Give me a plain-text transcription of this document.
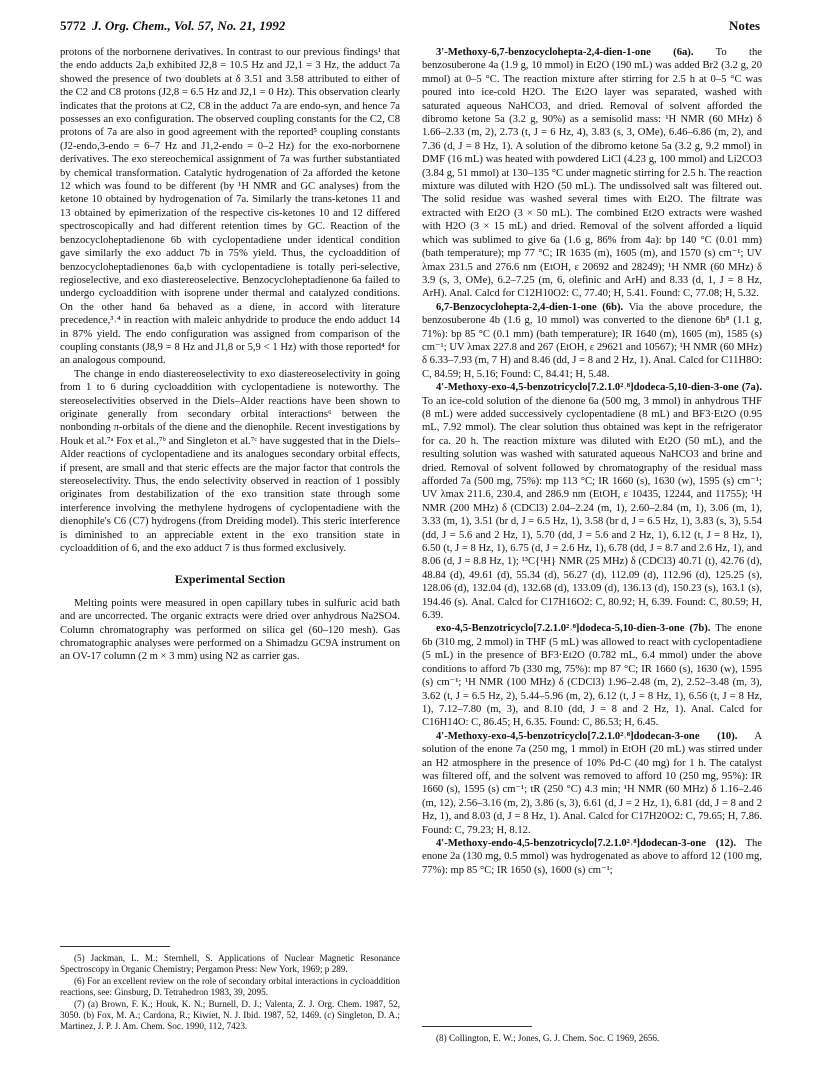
5772 J. Org. Chem., Vol. 57, No. 21, 1992	Notes

protons of the norbornene derivatives. In contrast to our previous findings¹ that the endo adducts 2a,b exhibited J2,8 = 10.5 Hz and J2,1 = 3 Hz, the adduct 7a showed the presence of two doublets at δ 3.51 and 3.58 attributed to either of the C2 and C8 protons (J2,8 = 6.5 Hz and J2,1 = 0 Hz). This observation clearly indicates that the protons at C2, C8 in the adduct 7a are endo-syn, and hence 7a possesses an exo configuration. The observed coupling constants for the C2, C8 protons of 7a are also in good agreement with the reported⁵ coupling constants (J2-endo,3-endo = 6–7 Hz and J1,2-endo = 0–2 Hz) for the exo-norbornene derivatives. The exo stereochemical assignment of 7a was further substantiated by chemical transformation. Catalytic hydrogenation of 2a afforded the ketone 12 which was found to be different (by ¹H NMR and GC analyses) from the ketone 10 obtained by hydrogenation of 7a. Similarly the trans-ketones 11 and 13 obtained by epimerization of the respective cis-ketones 10 and 12 differed spectroscopically and had different retention times by GC. Reaction of the benzocycloheptadienone 6b with cyclopentadiene under identical condition gave similarly the exo adduct 7b in 75% yield. Thus, the cycloaddition of benzocycloheptadienones 6a,b with cyclopentadiene is totally peri-selective, regioselective, and exo diastereoselective. Benzocycloheptadienone 6a failed to undergo cycloaddition with isoprene under thermal and catalyzed conditions. On the other hand 6a behaved as a diene, in accord with literature precedence,³˒⁴ in reaction with maleic anhydride to produce the endo adduct 14 in 87% yield. The endo configuration was assigned from comparison of the coupling constants (J8,9 = 8 Hz and J1,8 or 5,9 < 1 Hz) with those reported⁴ for an analogous compound.

The change in endo diastereoselectivity to exo diastereoselectivity in going from 1 to 6 during cycloaddition with cyclopentadiene is noteworthy. The stereoselectivities observed in the Diels–Alder reactions have been shown to originate generally from secondary orbital interactions⁶ between the nonbonding π-orbitals of the diene and the dienophile. Recent investigations by Houk et al.⁷ᵃ Fox et al.,⁷ᵇ and Singleton et al.⁷ᶜ have suggested that in the Diels–Alder reactions of cyclopentadiene and its analogues secondary orbital effects, if present, are small and that steric effects are the major factor that controls the stereoselectivity. Thus, the endo selectivity observed in reaction of 1 possibly originates from destabilization of the exo transition state through some interference involving the methylene hydrogens of cyclopentadiene with the dienophile's C6 (C7) hydrogens (from Dreiding model). This steric interference is diminished to an appreciable extent in the exo transition state in cycloaddition of 6, and the exo adduct 7 is thus formed exclusively.

Experimental Section

Melting points were measured in open capillary tubes in sulfuric acid bath and are uncorrected. The organic extracts were dried over anhydrous Na2SO4. Column chromatography was performed on silica gel (60–120 mesh). Gas chromatographic analyses were performed on a Shimadzu GC9A instrument on an OV-17 column (2 m × 3 mm) using N2 as carrier gas.

(5) Jackman, L. M.; Sternhell, S. Applications of Nuclear Magnetic Resonance Spectroscopy in Organic Chemistry; Pergamon Press: New York, 1969; p 289.

(6) For an excellent review on the role of secondary orbital interactions in cycloaddition reactions, see: Ginsburg, D. Tetrahedron 1983, 39, 2095.

(7) (a) Brown, F. K.; Houk, K. N.; Burnell, D. J.; Valenta, Z. J. Org. Chem. 1987, 52, 3050. (b) Fox, M. A.; Cardona, R.; Kiwiet, N. J. Ibid. 1987, 52, 1469. (c) Singleton, D. A.; Martinez, J. P. J. Am. Chem. Soc. 1990, 112, 7423.

3′-Methoxy-6,7-benzocyclohepta-2,4-dien-1-one (6a). To the benzosuberone 4a (1.9 g, 10 mmol) in Et2O (190 mL) was added Br2 (3.2 g, 20 mmol) at 0–5 °C. The reaction mixture after stirring for 2.5 h at 0–5 °C was poured into ice-cold H2O. The Et2O layer was separated, washed with saturated aqueous NaHCO3, and dried. Removal of solvent afforded the dibromo ketone 5a (3.2 g, 90%) as a semisolid mass: ¹H NMR (60 MHz) δ 1.66–2.33 (m, 2), 2.73 (t, J = 6 Hz, 4), 3.83 (s, 3, OMe), 6.46–6.86 (m, 2), and 7.36 (d, J = 8 Hz, 1). A solution of the dibromo ketone 5a (3.2 g, 9.2 mmol) in DMF (16 mL) was heated with powdered LiCl (4.23 g, 100 mmol) and Li2CO3 (3.84 g, 51 mmol) at 130–135 °C under magnetic stirring for 2.5 h. The reaction mixture was diluted with H2O (50 mL). The undissolved salt was filtered out. The solid residue was washed several times with Et2O. The filtrate was extracted with Et2O (3 × 50 mL). The combined Et2O extracts were washed with H2O (3 × 15 mL) and dried. Removal of the solvent afforded a liquid which was sublimed to give 6a (1.6 g, 86% from 4a): bp 140 °C (0.01 mm) (bath temperature); mp 77 °C; IR 1635 (m), 1605 (m), and 1570 (s) cm⁻¹; UV λmax 231.5 and 276.6 nm (EtOH, ε 20692 and 28249); ¹H NMR (60 MHz) δ 3.9 (s, 3, OMe), 6.2–7.25 (m, 6, olefinic and ArH) and 8.33 (d, 1, J = 8 Hz, ArH). Anal. Calcd for C12H10O2: C, 77.40; H, 5.41. Found: C, 77.08; H, 5.32.

6,7-Benzocyclohepta-2,4-dien-1-one (6b). Via the above procedure, the benzosuberone 4b (1.6 g, 10 mmol) was converted to the dienone 6b⁸ (1.1 g, 71%): bp 85 °C (0.1 mm) (bath temperature); IR 1640 (m), 1605 (m), 1585 (s) cm⁻¹; UV λmax 227.8 and 267 (EtOH, ε 29621 and 10567); ¹H NMR (60 MHz) δ 6.33–7.93 (m, 7 H) and 8.46 (dd, J = 8 and 2 Hz, 1). Anal. Calcd for C11H8O: C, 84.59; H, 5.16; Found: C, 84.41; H, 5.48.

4′-Methoxy-exo-4,5-benzotricyclo[7.2.1.0²˒⁸]dodeca-5,10-dien-3-one (7a). To an ice-cold solution of the dienone 6a (500 mg, 3 mmol) in anhydrous THF (8 mL) were added successively cyclopentadiene (8 mL) and BF3·Et2O (0.95 mL, 7.92 mmol). The clear solution thus obtained was kept in the refrigerator for ca. 20 h. The reaction mixture was diluted with Et2O (50 mL), and the resulting solution was washed with saturated aqueous NaHCO3 and brine and dried. Removal of solvent followed by chromatography of the residual mass afforded 7a (500 mg, 75%): mp 113 °C; IR 1660 (s), 1630 (w), 1595 (s) cm⁻¹; UV λmax 211.6, 230.4, and 286.9 nm (EtOH, ε 10435, 12244, and 11755); ¹H NMR (200 MHz) δ (CDCl3) 2.04–2.24 (m, 1), 2.60–2.84 (m, 1), 3.06 (m, 1), 3.33 (m, 1), 3.51 (br d, J = 6.5 Hz, 1), 3.58 (br d, J = 6.5 Hz, 1), 3.83 (s, 3), 5.54 (dd, J = 5.6 and 2 Hz, 1), 5.70 (dd, J = 5.6 and 2 Hz, 1), 6.12 (t, J = 8 Hz, 1), 6.50 (t, J = 8 Hz, 1), 6.75 (d, J = 2.6 Hz, 1), 6.78 (dd, J = 8.7 and 2.6 Hz, 1), and 8.06 (d, J = 8.8 Hz, 1); ¹³C{¹H} NMR (25 MHz) δ (CDCl3) 40.71 (t), 42.76 (d), 48.84 (d), 49.61 (d), 55.34 (d), 56.27 (d), 112.09 (d), 112.96 (d), 125.25 (s), 128.06 (d), 132.04 (d), 132.68 (d), 133.09 (d), 136.13 (d), 150.23 (s), 163.1 (s), 194.46 (s). Anal. Calcd for C17H16O2: C, 80.92; H, 6.39. Found: C, 80.59; H, 6.39.

exo-4,5-Benzotricyclo[7.2.1.0²˒⁸]dodeca-5,10-dien-3-one (7b). The enone 6b (310 mg, 2 mmol) in THF (5 mL) was allowed to react with cyclopentadiene (5 mL) in the presence of BF3·Et2O (0.782 mL, 6.4 mmol) under the above conditions to afford 7b (330 mg, 75%): mp 87 °C; IR 1660 (s), 1630 (w), 1595 (s) cm⁻¹; ¹H NMR (100 MHz) δ (CDCl3) 1.96–2.48 (m, 2), 2.52–3.48 (m, 3), 3.62 (t, J = 6.5 Hz, 2), 5.44–5.96 (m, 2), 6.12 (t, J = 8 Hz, 1), 6.56 (t, J = 8 Hz, 1), 7.12–7.80 (m, 3), and 8.10 (dd, J = 8 and 2 Hz, 1). Anal. Calcd for C16H14O: C, 86.45; H, 6.35. Found: C, 86.53; H, 6.45.

4′-Methoxy-exo-4,5-benzotricyclo[7.2.1.0²˒⁸]dodecan-3-one (10). A solution of the enone 7a (250 mg, 1 mmol) in EtOH (20 mL) was stirred under an H2 atmosphere in the presence of 10% Pd-C (40 mg) for 1 h. The catalyst was filtered off, and the solvent was removed to afford 10 (250 mg, 95%): IR 1660 (s), 1595 (s) cm⁻¹; tR (250 °C) 4.3 min; ¹H NMR (60 MHz) δ 1.16–2.46 (m, 12), 2.56–3.16 (m, 2), 3.86 (s, 3), 6.61 (d, J = 2 Hz, 1), 6.81 (dd, J = 8 and 2 Hz, 1), and 8.03 (d, J = 8 Hz, 1). Anal. Calcd for C17H20O2: C, 79.65; H, 7.86. Found: C, 79.23; H, 8.12.

4′-Methoxy-endo-4,5-benzotricyclo[7.2.1.0²˒⁸]dodecan-3-one (12). The enone 2a (130 mg, 0.5 mmol) was hydrogenated as above to afford 12 (100 mg, 77%): mp 85 °C; IR 1650 (s), 1600 (s) cm⁻¹;

(8) Collington, E. W.; Jones, G. J. Chem. Soc. C 1969, 2656.
